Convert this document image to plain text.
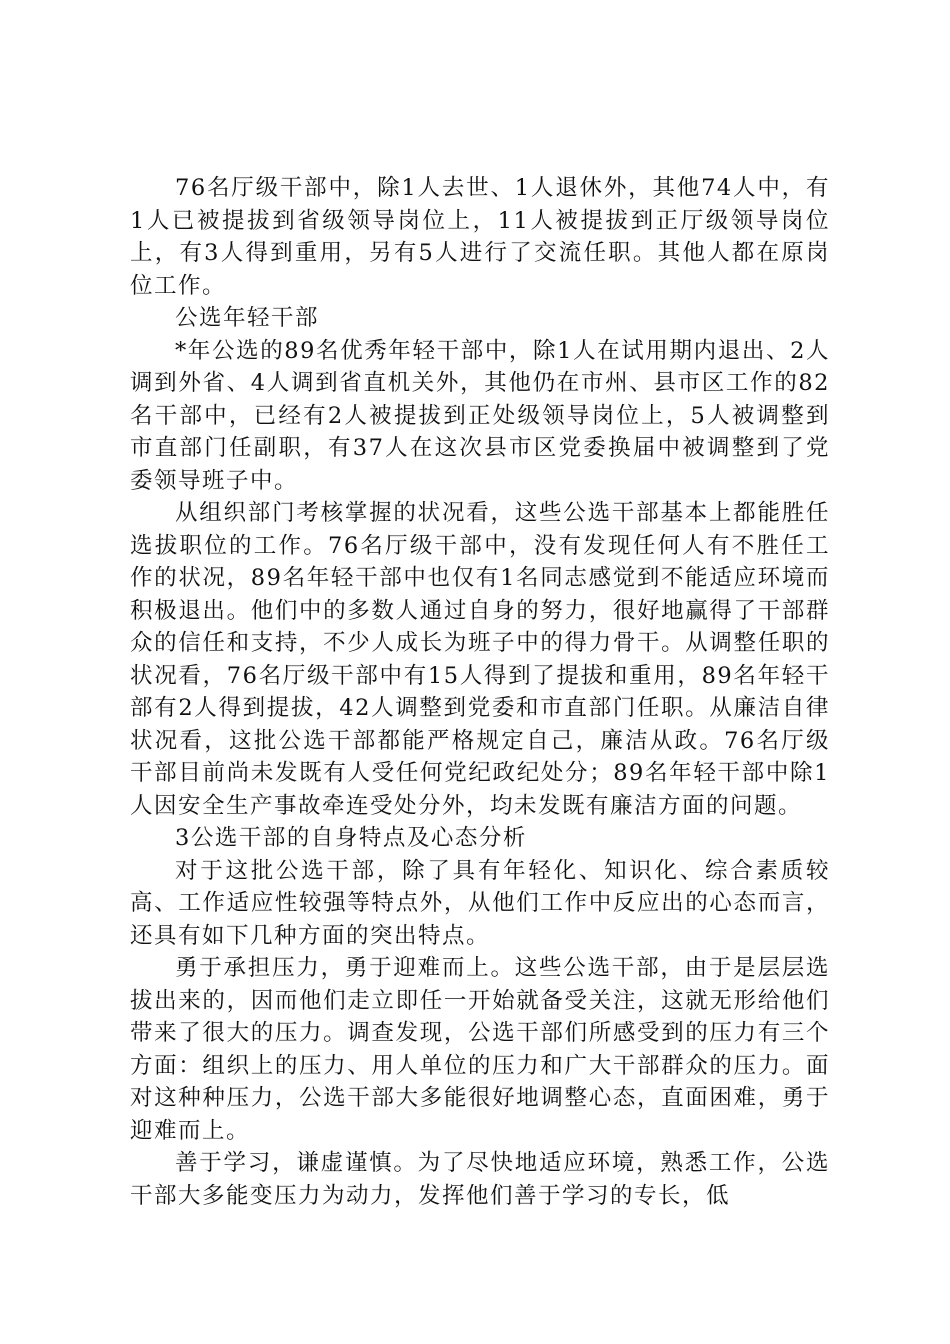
76名厅级干部中，除1人去世、1人退休外，其他74人中，有1人已被提拔到省级领导岗位上，11人被提拔到正厅级领导岗位上，有3人得到重用，另有5人进行了交流任职。其他人都在原岗位工作。

公选年轻干部

*年公选的89名优秀年轻干部中，除1人在试用期内退出、2人调到外省、4人调到省直机关外，其他仍在市州、县市区工作的82名干部中，已经有2人被提拔到正处级领导岗位上，5人被调整到市直部门任副职，有37人在这次县市区党委换届中被调整到了党委领导班子中。

从组织部门考核掌握的状况看，这些公选干部基本上都能胜任选拔职位的工作。76名厅级干部中，没有发现任何人有不胜任工作的状况，89名年轻干部中也仅有1名同志感觉到不能适应环境而积极退出。他们中的多数人通过自身的努力，很好地赢得了干部群众的信任和支持，不少人成长为班子中的得力骨干。从调整任职的状况看，76名厅级干部中有15人得到了提拔和重用，89名年轻干部有2人得到提拔，42人调整到党委和市直部门任职。从廉洁自律状况看，这批公选干部都能严格规定自己，廉洁从政。76名厅级干部目前尚未发既有人受任何党纪政纪处分；89名年轻干部中除1人因安全生产事故牵连受处分外，均未发既有廉洁方面的问题。

3公选干部的自身特点及心态分析

对于这批公选干部，除了具有年轻化、知识化、综合素质较高、工作适应性较强等特点外，从他们工作中反应出的心态而言，还具有如下几种方面的突出特点。

勇于承担压力，勇于迎难而上。这些公选干部，由于是层层选拔出来的，因而他们走立即任一开始就备受关注，这就无形给他们带来了很大的压力。调查发现，公选干部们所感受到的压力有三个方面：组织上的压力、用人单位的压力和广大干部群众的压力。面对这种种压力，公选干部大多能很好地调整心态，直面困难，勇于迎难而上。

善于学习，谦虚谨慎。为了尽快地适应环境，熟悉工作，公选干部大多能变压力为动力，发挥他们善于学习的专长，低
